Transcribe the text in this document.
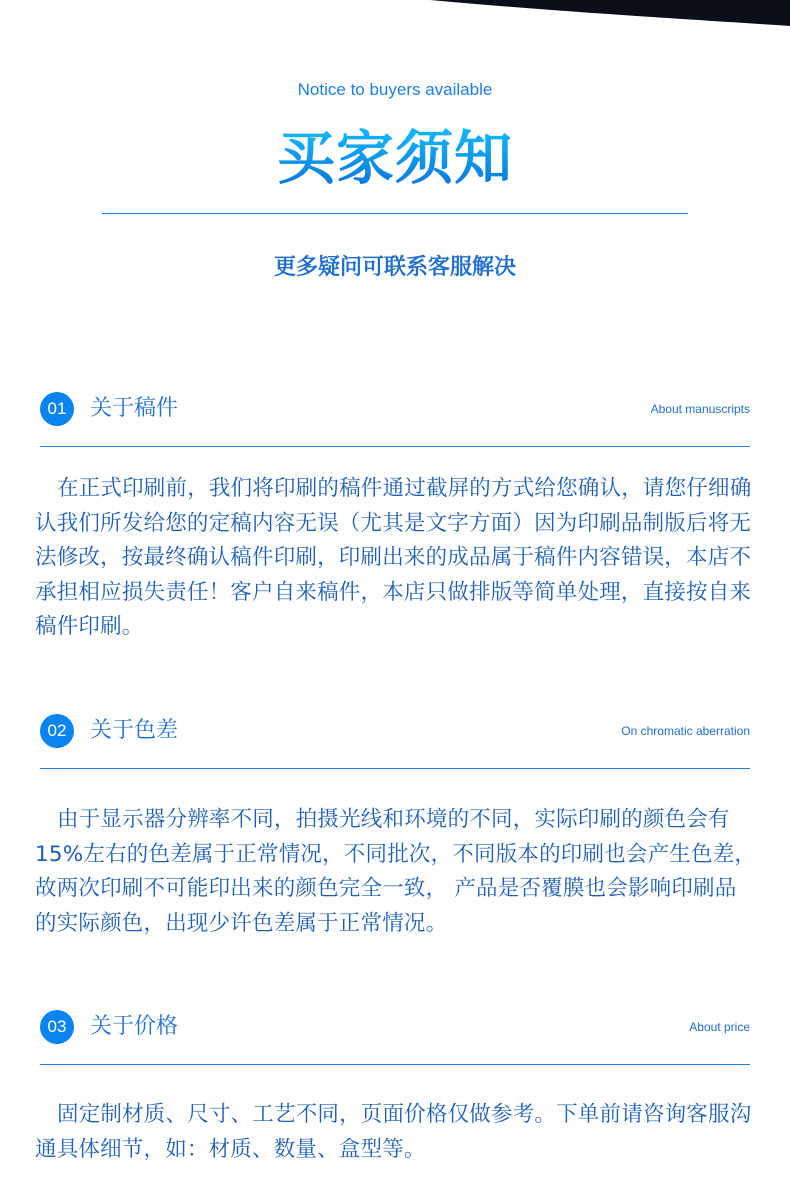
Notice to buyers available
买家须知
更多疑问可联系客服解决
01	关于稿件	About manuscripts
在正式印刷前，我们将印刷的稿件通过截屏的方式给您确认，请您仔细确认我们所发给您的定稿内容无误（尤其是文字方面）因为印刷品制版后将无法修改，按最终确认稿件印刷，印刷出来的成品属于稿件内容错误，本店不承担相应损失责任！客户自来稿件，本店只做排版等简单处理，直接按自来稿件印刷。
02	关于色差	On chromatic aberration
由于显示器分辨率不同，拍摄光线和环境的不同，实际印刷的颜色会有15%左右的色差属于正常情况，不同批次，不同版本的印刷也会产生色差，故两次印刷不可能印出来的颜色完全一致， 产品是否覆膜也会影响印刷品的实际颜色，出现少许色差属于正常情况。
03	关于价格	About price
固定制材质、尺寸、工艺不同，页面价格仅做参考。下单前请咨询客服沟通具体细节，如：材质、数量、盒型等。
